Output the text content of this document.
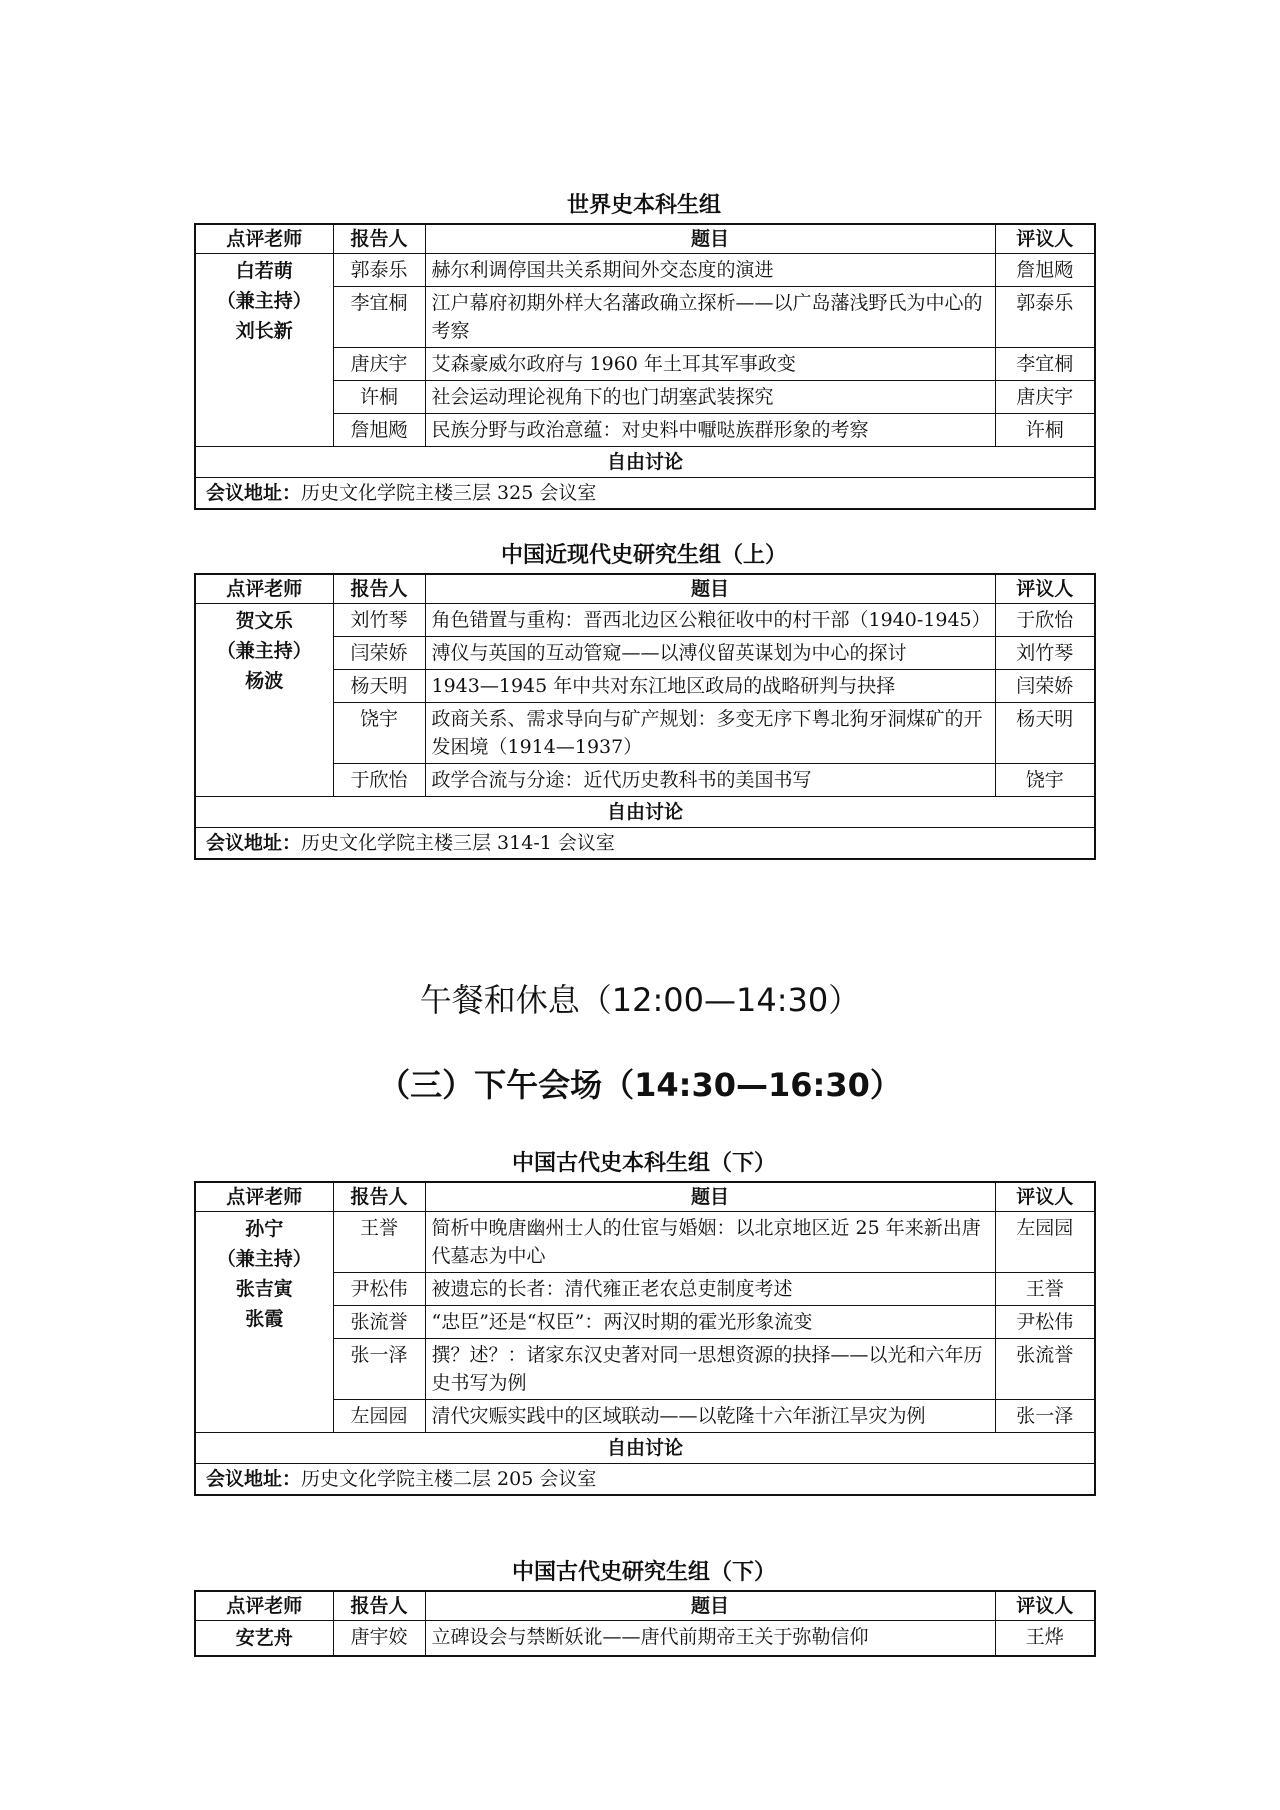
世界史本科生组
点评老师	报告人	题目	评议人

白若萌
（兼主持）
刘长新	郭泰乐	赫尔利调停国共关系期间外交态度的演进	詹旭飏
	李宜桐	江户幕府初期外样大名藩政确立探析——以广岛藩浅野氏为中心的考察	郭泰乐
	唐庆宇	艾森豪威尔政府与 1960 年土耳其军事政变	李宜桐
	许桐	社会运动理论视角下的也门胡塞武装探究	唐庆宇
	詹旭飏	民族分野与政治意蕴：对史料中嚈哒族群形象的考察	许桐
自由讨论			
会议地址：历史文化学院主楼三层 325 会议室			
中国近现代史研究生组（上）
点评老师	报告人	题目	评议人

贺文乐
（兼主持）
杨波	刘竹琴	角色错置与重构：晋西北边区公粮征收中的村干部（1940-1945）	于欣怡
	闫荣娇	溥仪与英国的互动管窥——以溥仪留英谋划为中心的探讨	刘竹琴
	杨天明	1943—1945 年中共对东江地区政局的战略研判与抉择	闫荣娇
	饶宇	政商关系、需求导向与矿产规划：多变无序下粤北狗牙洞煤矿的开发困境（1914—1937）	杨天明
	于欣怡	政学合流与分途：近代历史教科书的美国书写	饶宇
自由讨论			
会议地址：历史文化学院主楼三层 314-1 会议室			
午餐和休息（12:00—14:30）
（三）下午会场（14:30—16:30）
中国古代史本科生组（下）
点评老师	报告人	题目	评议人

孙宁
（兼主持）
张吉寅
张霞	王誉	简析中晚唐幽州士人的仕宦与婚姻：以北京地区近 25 年来新出唐代墓志为中心	左园园
	尹松伟	被遗忘的长者：清代雍正老农总吏制度考述	王誉
	张流誉	“忠臣”还是“权臣”：两汉时期的霍光形象流变	尹松伟
	张一泽	撰？述？：诸家东汉史著对同一思想资源的抉择——以光和六年历史书写为例	张流誉
	左园园	清代灾赈实践中的区域联动——以乾隆十六年浙江旱灾为例	张一泽
自由讨论			
会议地址：历史文化学院主楼二层 205 会议室			
中国古代史研究生组（下）
点评老师	报告人	题目	评议人

安艺舟	唐宇姣	立碑设会与禁断妖讹——唐代前期帝王关于弥勒信仰	王烨
